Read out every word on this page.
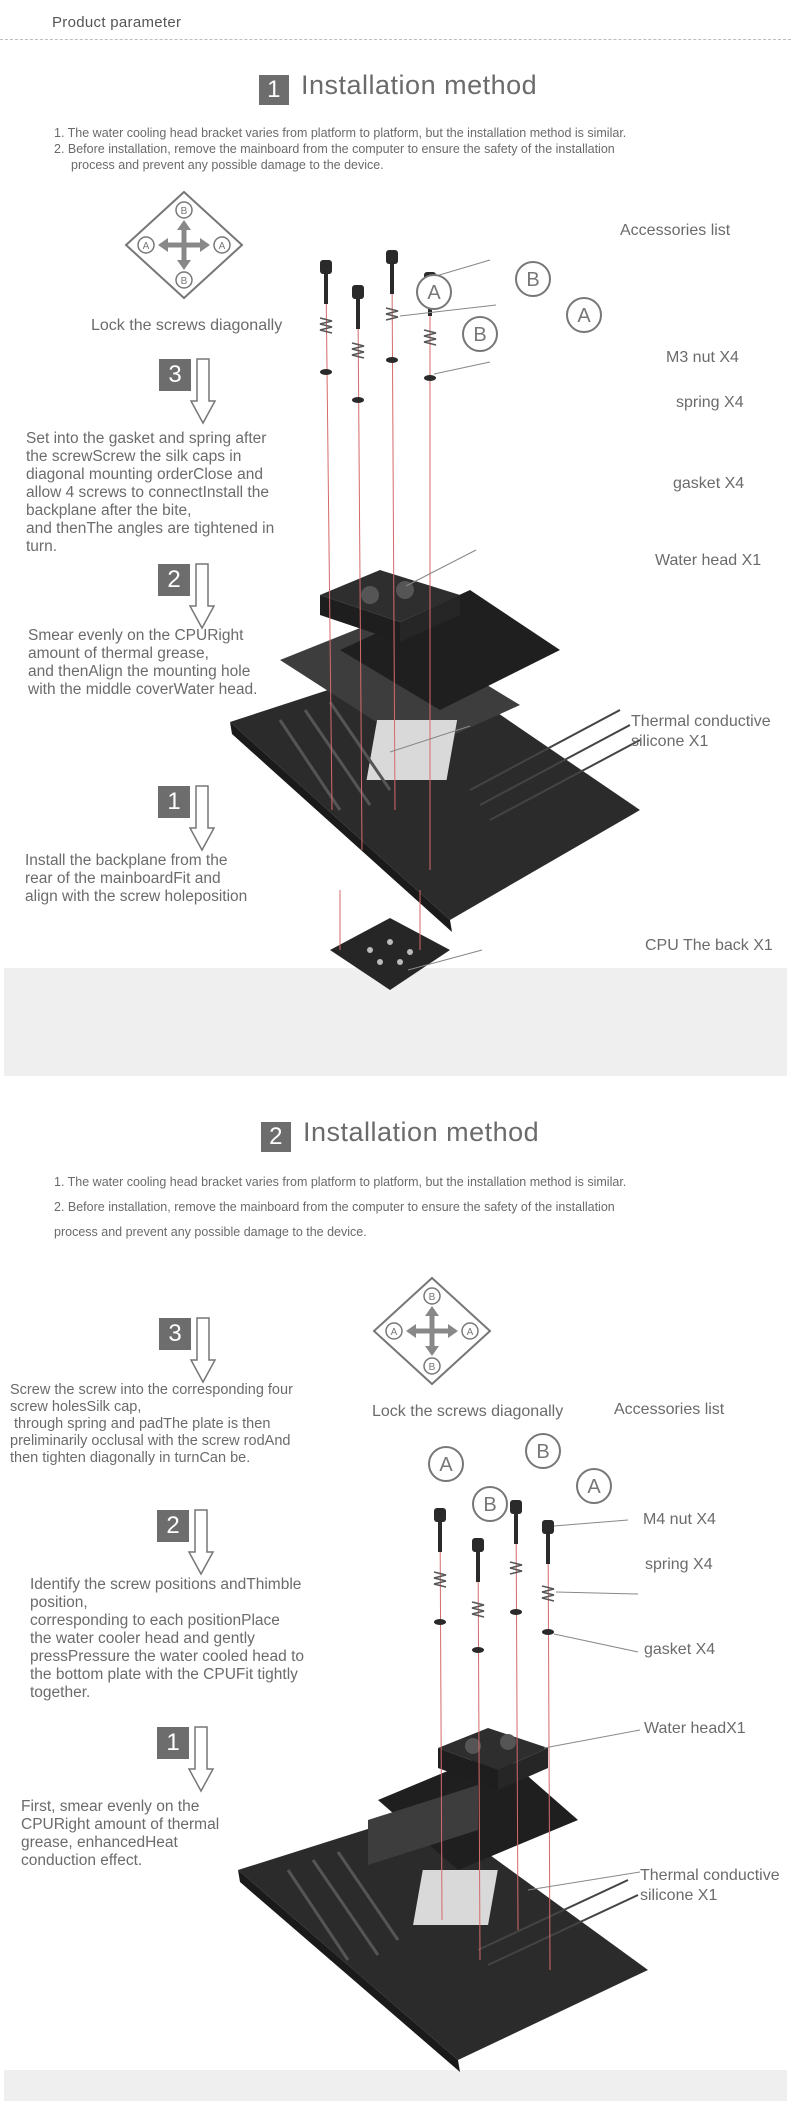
Product parameter
1 Installation method
1. The water cooling head bracket varies from platform to platform, but the installation method is similar.
2. Before installation, remove the mainboard from the computer to ensure the safety of the installation
process and prevent any possible damage to the device.
B
B
A	A
Lock the screws diagonally
Accessories list
3
Set into the gasket and spring after
the screwScrew the silk caps in
diagonal mounting orderClose and
allow 4 screws to connectInstall the
backplane after the bite,
and thenThe angles are tightened in
turn.
2
Smear evenly on the CPURight
amount of thermal grease,
and thenAlign the mounting hole
with the middle coverWater head.
1
Install the backplane from the
rear of the mainboardFit and
align with the screw holeposition
A
B
B
A
M3 nut X4
spring X4
gasket X4
Water head X1
Thermal conductive
silicone X1
CPU The back X1
2 Installation method
1. The water cooling head bracket varies from platform to platform, but the installation method is similar.
2. Before installation, remove the mainboard from the computer to ensure the safety of the installation
process and prevent any possible damage to the device.
B
B
A	A
Lock the screws diagonally	Accessories list
3
Screw the screw into the corresponding four
screw holesSilk cap,
through spring and padThe plate is then
preliminarily occlusal with the screw rodAnd
then tighten diagonally in turnCan be.
2
Identify the screw positions andThimble
position,
corresponding to each positionPlace
the water cooler head and gently
pressPressure the water cooled head to
the bottom plate with the CPUFit tightly
together.
1
First, smear evenly on the
CPURight amount of thermal
grease, enhancedHeat
conduction effect.
A
B
B
A
M4 nut X4
spring X4
gasket X4
Water headX1
Thermal conductive
silicone X1
